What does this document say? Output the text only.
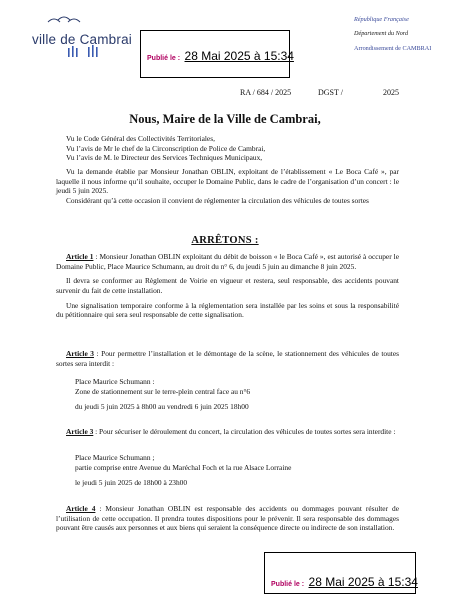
ville de Cambrai
Publié le : 28 Mai 2025 à 15:34
République Française
Département du Nord
Arrondissement de CAMBRAI
RA / 684 / 2025	DGST /	2025
Nous, Maire de la Ville de Cambrai,
Vu le Code Général des Collectivités Territoriales,
Vu l’avis de Mr le chef de la Circonscription de Police de Cambrai,
Vu l’avis de M. le Directeur des Services Techniques Municipaux,
Vu la demande établie par Monsieur Jonathan OBLIN, exploitant de l’établissement « Le Boca Café », par laquelle il nous informe qu’il souhaite, occuper le Domaine Public, dans le cadre de l’organisation d’un concert : le jeudi 5 juin 2025.
Considérant qu’à cette occasion il convient de réglementer la circulation des véhicules de toutes sortes
ARRÊTONS :
Article 1 : Monsieur Jonathan OBLIN exploitant du débit de boisson « le Boca Café », est autorisé à occuper le Domaine Public, Place Maurice Schumann, au droit du n° 6, du jeudi 5 juin au dimanche 8 juin 2025.
Il devra se conformer au Règlement de Voirie en vigueur et restera, seul responsable, des accidents pouvant survenir du fait de cette installation.
Une signalisation temporaire conforme à la réglementation sera installée par les soins et sous la responsabilité du pétitionnaire qui sera seul responsable de cette signalisation.
Article 3 : Pour permettre l’installation et le démontage de la scène, le stationnement des véhicules de toutes sortes sera interdit :
Place Maurice Schumann :
Zone de stationnement sur le terre-plein central face au n°6
du jeudi 5 juin 2025 à 8h00 au vendredi 6 juin 2025 18h00
Article 3 : Pour sécuriser le déroulement du concert, la circulation des véhicules de toutes sortes sera interdite :
Place Maurice Schumann ;
partie comprise entre Avenue du Maréchal Foch et la rue Alsace Lorraine
le jeudi 5 juin 2025 de 18h00 à 23h00
Article 4 : Monsieur Jonathan OBLIN est responsable des accidents ou dommages pouvant résulter de l’utilisation de cette occupation. Il prendra toutes dispositions pour le prévenir. Il sera responsable des dommages pouvant être causés aux personnes et aux biens qui seraient la conséquence directe ou indirecte de son installation.
Publié le : 28 Mai 2025 à 15:34
